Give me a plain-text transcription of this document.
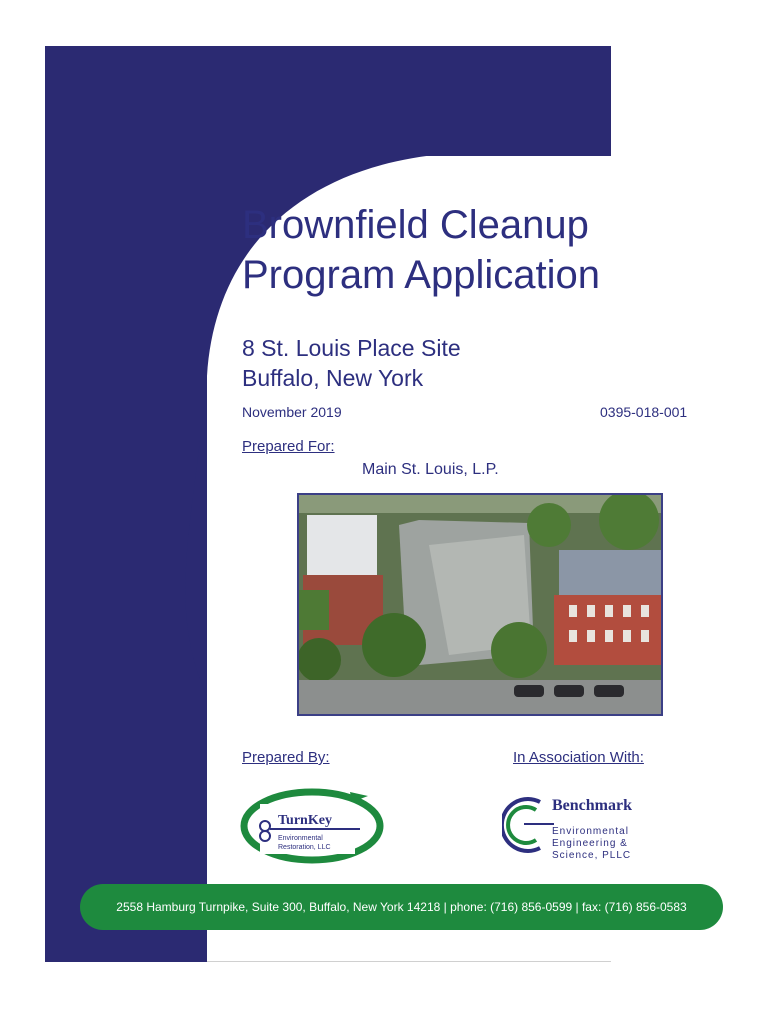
Brownfield Cleanup
Program Application
8 St. Louis Place Site
Buffalo, New York
November 2019	0395-018-001
Prepared For:
Main St. Louis, L.P.
Prepared By:	In Association With:
TurnKey
Environmental
Restoration, LLC
Benchmark
Environmental
Engineering &
Science, PLLC
2558 Hamburg Turnpike, Suite 300, Buffalo, New York 14218 | phone: (716) 856-0599 | fax: (716) 856-0583
